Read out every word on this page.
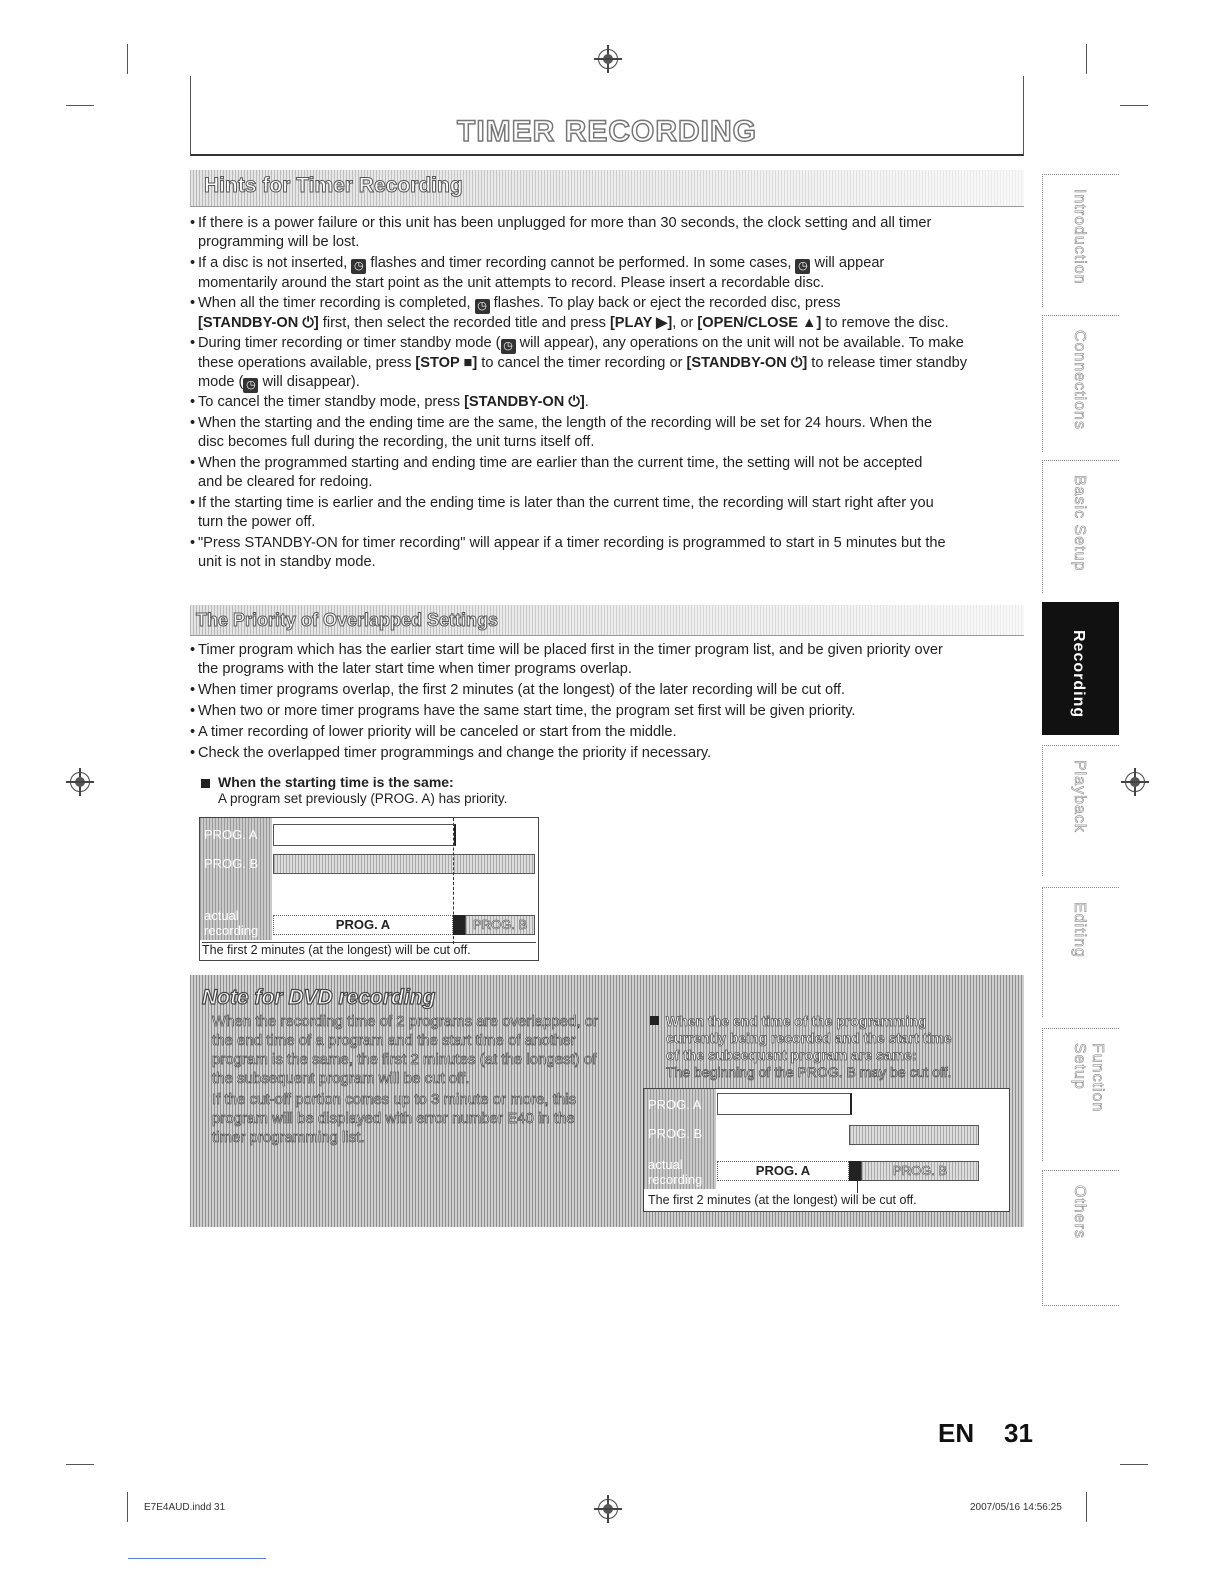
TIMER RECORDING
Hints for Timer Recording
• If there is a power failure or this unit has been unplugged for more than 30 seconds, the clock setting and all timer
programming will be lost.
• If a disc is not inserted, ◷ flashes and timer recording cannot be performed. In some cases, ◷ will appear
momentarily around the start point as the unit attempts to record. Please insert a recordable disc.
• When all the timer recording is completed, ◷ flashes. To play back or eject the recorded disc, press
[STANDBY-ON ⏻] first, then select the recorded title and press [PLAY ▶], or [OPEN/CLOSE ▲] to remove the disc.
• During timer recording or timer standby mode ( ◷ will appear), any operations on the unit will not be available. To make
these operations available, press [STOP ■] to cancel the timer recording or [STANDBY-ON ⏻] to release timer standby
mode ( ◷ will disappear).
• To cancel the timer standby mode, press [STANDBY-ON ⏻].
• When the starting and the ending time are the same, the length of the recording will be set for 24 hours. When the
disc becomes full during the recording, the unit turns itself off.
• When the programmed starting and ending time are earlier than the current time, the setting will not be accepted
and be cleared for redoing.
• If the starting time is earlier and the ending time is later than the current time, the recording will start right after you
turn the power off.
• "Press STANDBY-ON for timer recording" will appear if a timer recording is programmed to start in 5 minutes but the
unit is not in standby mode.
The Priority of Overlapped Settings
• Timer program which has the earlier start time will be placed first in the timer program list, and be given priority over
the programs with the later start time when timer programs overlap.
• When timer programs overlap, the first 2 minutes (at the longest) of the later recording will be cut off.
• When two or more timer programs have the same start time, the program set first will be given priority.
• A timer recording of lower priority will be canceled or start from the middle.
• Check the overlapped timer programmings and change the priority if necessary.
When the starting time is the same:
A program set previously (PROG. A) has priority.
PROG. A
PROG. B
actual
recording	PROG. A	PROG. B
The first 2 minutes (at the longest) will be cut off.
Note for DVD recording
When the recording time of 2 programs are overlapped, or
the end time of a program and the start time of another
program is the same, the first 2 minutes (at the longest) of
the subsequent program will be cut off.
If the cut-off portion comes up to 3 minute or more, this
program will be displayed with error number E40 in the
timer programming list.
When the end time of the programming
currently being recorded and the start time
of the subsequent program are same:
The beginning of the PROG. B may be cut off.
PROG. A
PROG. B
actual
recording
PROG. A	PROG. B
The first 2 minutes (at the longest) will be cut off.
Introduction
Connections
Basic Setup
Recording
Playback
Editing
Function Setup
Others
EN 31
E7E4AUD.indd 31	2007/05/16 14:56:25
